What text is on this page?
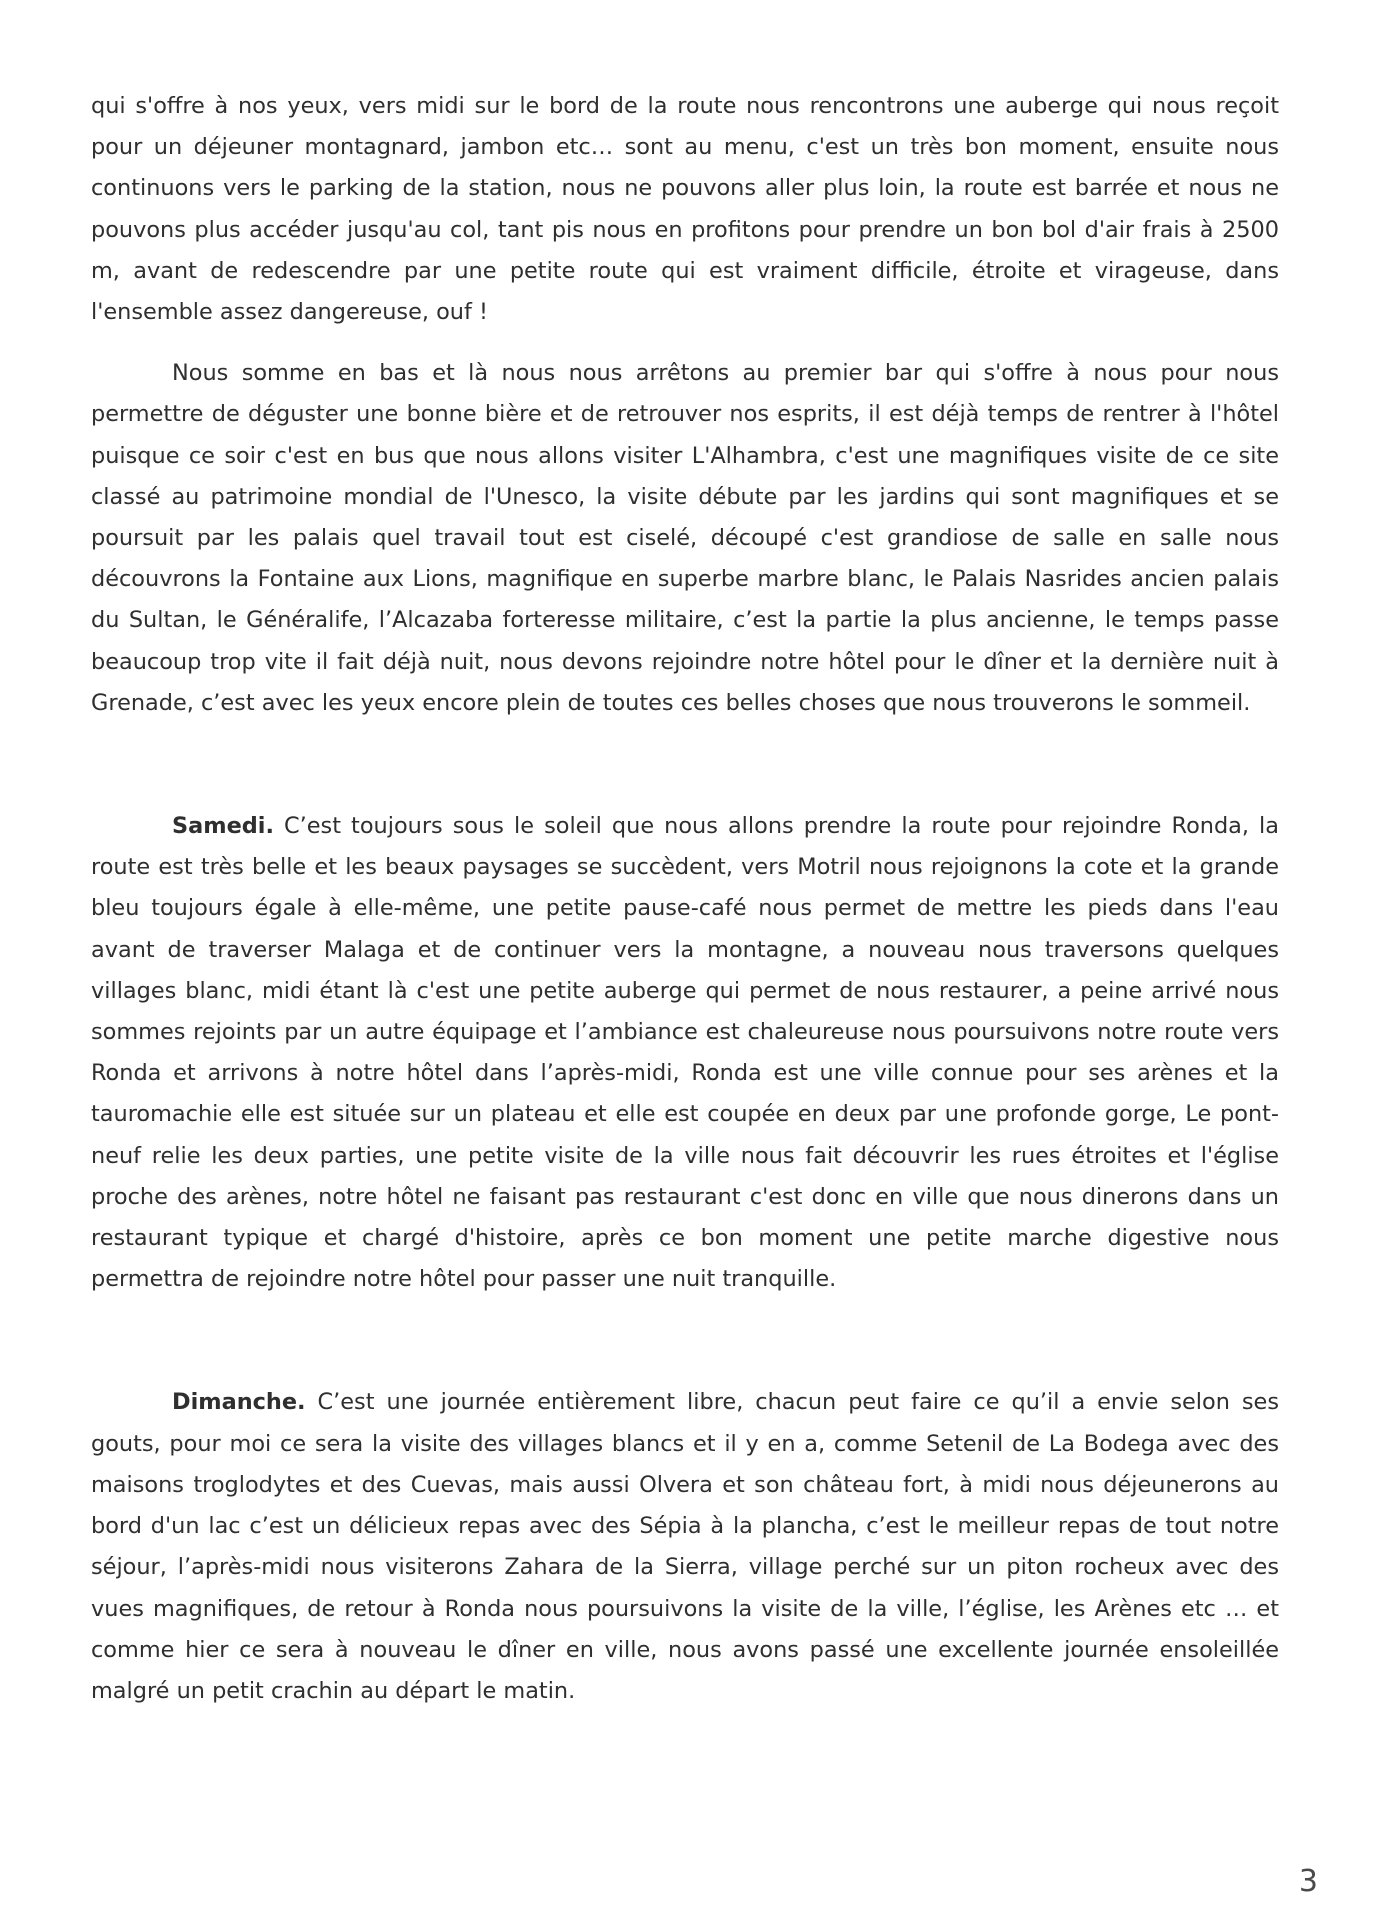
qui s'offre à nos yeux, vers midi sur le bord de la route nous rencontrons une auberge qui nous reçoit pour un déjeuner montagnard, jambon etc… sont au menu, c'est un très bon moment, ensuite nous continuons vers le parking de la station, nous ne pouvons aller plus loin, la route est barrée et nous ne pouvons plus accéder jusqu'au col, tant pis nous en profitons pour prendre un bon bol d'air frais à 2500 m, avant de redescendre par une petite route qui est vraiment difficile, étroite et virageuse, dans l'ensemble assez dangereuse, ouf !

Nous somme en bas et là nous nous arrêtons au premier bar qui s'offre à nous pour nous permettre de déguster une bonne bière et de retrouver nos esprits, il est déjà temps de rentrer à l'hôtel puisque ce soir c'est en bus que nous allons visiter L'Alhambra, c'est une magnifiques visite de ce site classé au patrimoine mondial de l'Unesco, la visite débute par les jardins qui sont magnifiques et se poursuit par les palais quel travail tout est ciselé, découpé c'est grandiose de salle en salle nous découvrons la Fontaine aux Lions, magnifique en superbe marbre blanc, le Palais Nasrides ancien palais du Sultan, le Généralife, l’Alcazaba forteresse militaire, c’est la partie la plus ancienne, le temps passe beaucoup trop vite il fait déjà nuit, nous devons rejoindre notre hôtel pour le dîner et la dernière nuit à Grenade, c’est avec les yeux encore plein de toutes ces belles choses que nous trouverons le sommeil.

Samedi. C’est toujours sous le soleil que nous allons prendre la route pour rejoindre Ronda, la route est très belle et les beaux paysages se succèdent, vers Motril nous rejoignons la cote et la grande bleu toujours égale à elle-même, une petite pause-café nous permet de mettre les pieds dans l'eau avant de traverser Malaga et de continuer vers la montagne, a nouveau nous traversons quelques villages blanc, midi étant là c'est une petite auberge qui permet de nous restaurer, a peine arrivé nous sommes rejoints par un autre équipage et l’ambiance est chaleureuse nous poursuivons notre route vers Ronda et arrivons à notre hôtel dans l’après-midi, Ronda est une ville connue pour ses arènes et la tauromachie elle est située sur un plateau et elle est coupée en deux par une profonde gorge, Le pont-neuf relie les deux parties, une petite visite de la ville nous fait découvrir les rues étroites et l'église proche des arènes, notre hôtel ne faisant pas restaurant c'est donc en ville que nous dinerons dans un restaurant typique et chargé d'histoire, après ce bon moment une petite marche digestive nous permettra de rejoindre notre hôtel pour passer une nuit tranquille.

Dimanche. C’est une journée entièrement libre, chacun peut faire ce qu’il a envie selon ses gouts, pour moi ce sera la visite des villages blancs et il y en a, comme Setenil de La Bodega avec des maisons troglodytes et des Cuevas, mais aussi Olvera et son château fort, à midi nous déjeunerons au bord d'un lac c’est un délicieux repas avec des Sépia à la plancha, c’est le meilleur repas de tout notre séjour, l’après-midi nous visiterons Zahara de la Sierra, village perché sur un piton rocheux avec des vues magnifiques, de retour à Ronda nous poursuivons la visite de la ville, l’église, les Arènes etc … et comme hier ce sera à nouveau le dîner en ville, nous avons passé une excellente journée ensoleillée malgré un petit crachin au départ le matin.

3
